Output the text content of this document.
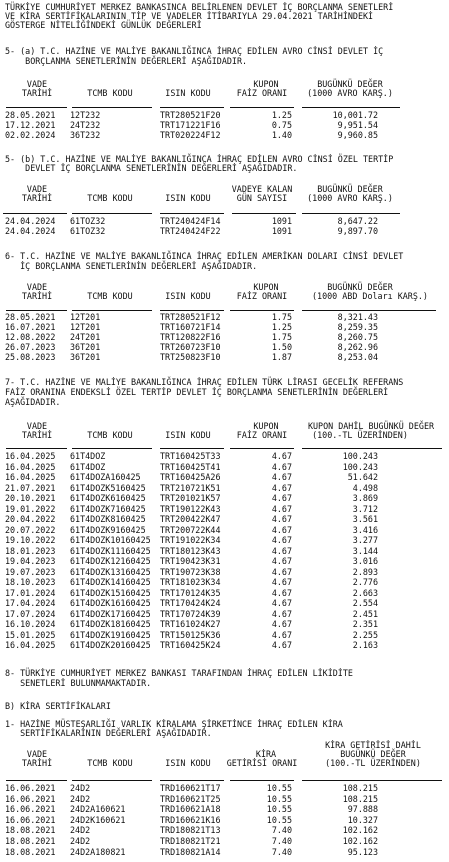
TÜRKİYE CUMHURİYET MERKEZ BANKASINCA BELİRLENEN DEVLET İÇ BORÇLANMA SENETLERİ
VE KİRA SERTİFİKALARININ TİP VE VADELER İTİBARIYLA 29.04.2021 TARİHİNDEKİ
GÖSTERGE NİTELİĞİNDEKİ GÜNLÜK DEĞERLERİ
5- (a) T.C. HAZİNE VE MALİYE BAKANLIĞINCA İHRAÇ EDİLEN AVRO CİNSİ DEVLET İÇ
BORÇLANMA SENETLERİNİN DEĞERLERİ AŞAĞIDADIR.
VADE
TARİHİ	TCMB KODU	ISIN KODU
KUPON
FAİZ ORANI
BUGÜNKÜ DEĞER
(1000 AVRO KARŞ.)
28.05.2021	12T232	TRT280521F20	1.25	10,001.72
17.12.2021	24T232	TRT171221F16	0.75	9,951.54
02.02.2024	36T232	TRT020224F12	1.40	9,960.85
5- (b) T.C. HAZİNE VE MALİYE BAKANLIĞINCA İHRAÇ EDİLEN AVRO CİNSİ ÖZEL TERTİP
DEVLET İÇ BORÇLANMA SENETLERİNİN DEĞERLERİ AŞAĞIDADIR.
VADE
TARİHİ	TCMB KODU	ISIN KODU
VADEYE KALAN
GÜN SAYISI
BUGÜNKÜ DEĞER
(1000 AVRO KARŞ.)
24.04.2024	61TOZ32	TRT240424F14	1091	8,647.22
24.04.2024	61TOZ32	TRT240424F22	1091	9,897.70
6- T.C. HAZİNE VE MALİYE BAKANLIĞINCA İHRAÇ EDİLEN AMERİKAN DOLARI CİNSİ DEVLET
İÇ BORÇLANMA SENETLERİNİN DEĞERLERİ AŞAĞIDADIR.
VADE
TARİHİ	TCMB KODU	ISIN KODU
KUPON
FAİZ ORANI
BUGÜNKÜ DEĞER
(1000 ABD Doları KARŞ.)
28.05.2021	12T201	TRT280521F12	1.75	8,321.43
16.07.2021	12T201	TRT160721F14	1.25	8,259.35
12.08.2022	24T201	TRT120822F16	1.75	8,260.75
26.07.2023	36T201	TRT260723F10	1.50	8,262.96
25.08.2023	36T201	TRT250823F10	1.87	8,253.04
7- T.C. HAZİNE VE MALİYE BAKANLIĞINCA İHRAÇ EDİLEN TÜRK LİRASI GECELİK REFERANS
FAİZ ORANINA ENDEKSLİ ÖZEL TERTİP DEVLET İÇ BORÇLANMA SENETLERİNİN DEĞERLERİ
AŞAĞIDADIR.
VADE
TARİHİ	TCMB KODU	ISIN KODU
KUPON
FAİZ ORANI
KUPON DAHİL BUGÜNKÜ DEĞER
(100.-TL ÜZERİNDEN)
16.04.2025	61T4DOZ	TRT160425T33	4.67	100.243
16.04.2025	61T4DOZ	TRT160425T41	4.67	100.243
16.04.2025	61T4DOZA160425	TRT160425A26	4.67	51.642
21.07.2021	61T4DOZK5160425	TRT210721K51	4.67	4.498
20.10.2021	61T4DOZK6160425	TRT201021K57	4.67	3.869
19.01.2022	61T4DOZK7160425	TRT190122K43	4.67	3.712
20.04.2022	61T4DOZK8160425	TRT200422K47	4.67	3.561
20.07.2022	61T4DOZK9160425	TRT200722K44	4.67	3.416
19.10.2022	61T4DOZK10160425	TRT191022K34	4.67	3.277
18.01.2023	61T4DOZK11160425	TRT180123K43	4.67	3.144
19.04.2023	61T4DOZK12160425	TRT190423K31	4.67	3.016
19.07.2023	61T4DOZK13160425	TRT190723K38	4.67	2.893
18.10.2023	61T4DOZK14160425	TRT181023K34	4.67	2.776
17.01.2024	61T4DOZK15160425	TRT170124K35	4.67	2.663
17.04.2024	61T4DOZK16160425	TRT170424K24	4.67	2.554
17.07.2024	61T4DOZK17160425	TRT170724K39	4.67	2.451
16.10.2024	61T4DOZK18160425	TRT161024K27	4.67	2.351
15.01.2025	61T4DOZK19160425	TRT150125K36	4.67	2.255
16.04.2025	61T4DOZK20160425	TRT160425K24	4.67	2.163
8- TÜRKİYE CUMHURİYET MERKEZ BANKASI TARAFINDAN İHRAÇ EDİLEN LİKİDİTE
SENETLERİ BULUNMAMAKTADIR.
B) KİRA SERTİFİKALARI
1- HAZİNE MÜSTEŞARLIĞI VARLIK KİRALAMA ŞİRKETİNCE İHRAÇ EDİLEN KİRA
SERTİFİKALARININ DEĞERLERİ AŞAĞIDADIR.
KİRA GETİRİSİ DAHİL
VADE	KİRA	BUGÜNKÜ DEĞER
TARİHİ	TCMB KODU	ISIN KODU	GETİRİSİ ORANI	(100.-TL ÜZERİNDEN)
16.06.2021	24D2	TRD160621T17	10.55	108.215
16.06.2021	24D2	TRD160621T25	10.55	108.215
16.06.2021	24D2A160621	TRD160621A18	10.55	97.888
16.06.2021	24D2K160621	TRD160621K16	10.55	10.327
18.08.2021	24D2	TRD180821T13	7.40	102.162
18.08.2021	24D2	TRD180821T21	7.40	102.162
18.08.2021	24D2A180821	TRD180821A14	7.40	95.123
